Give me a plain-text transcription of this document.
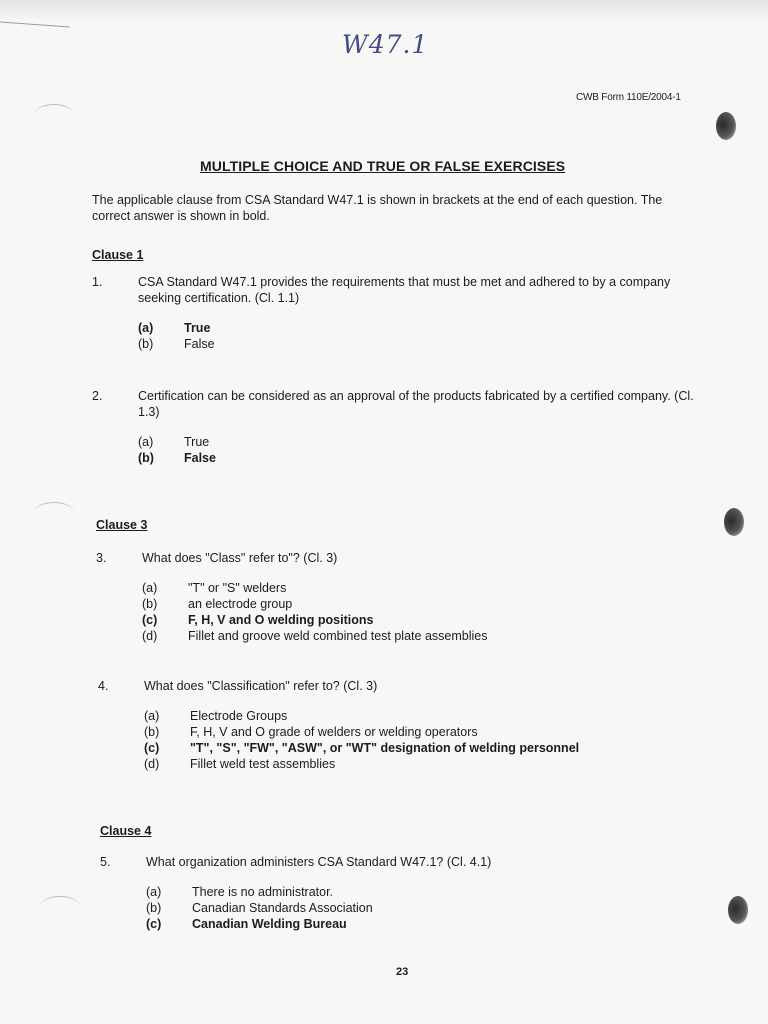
W47.1
CWB Form 110E/2004-1
MULTIPLE CHOICE AND TRUE OR FALSE EXERCISES
The applicable clause from CSA Standard W47.1 is shown in brackets at the end of each question. The correct answer is shown in bold.
Clause 1
1.	CSA Standard W47.1 provides the requirements that must be met and adhered to by a company seeking certification. (Cl. 1.1)
(a)	True
(b)	False
2.	Certification can be considered as an approval of the products fabricated by a certified company. (Cl. 1.3)
(a)	True
(b)	False
Clause 3
3.	What does "Class" refer to"? (Cl. 3)
(a)	"T" or "S" welders
(b)	an electrode group
(c)	F, H, V and O welding positions
(d)	Fillet and groove weld combined test plate assemblies
4.	What does "Classification" refer to? (Cl. 3)
(a)	Electrode Groups
(b)	F, H, V and O grade of welders or welding operators
(c)	"T", "S", "FW", "ASW", or "WT" designation of welding personnel
(d)	Fillet weld test assemblies
Clause 4
5.	What organization administers CSA Standard W47.1? (Cl. 4.1)
(a)	There is no administrator.
(b)	Canadian Standards Association
(c)	Canadian Welding Bureau
23
